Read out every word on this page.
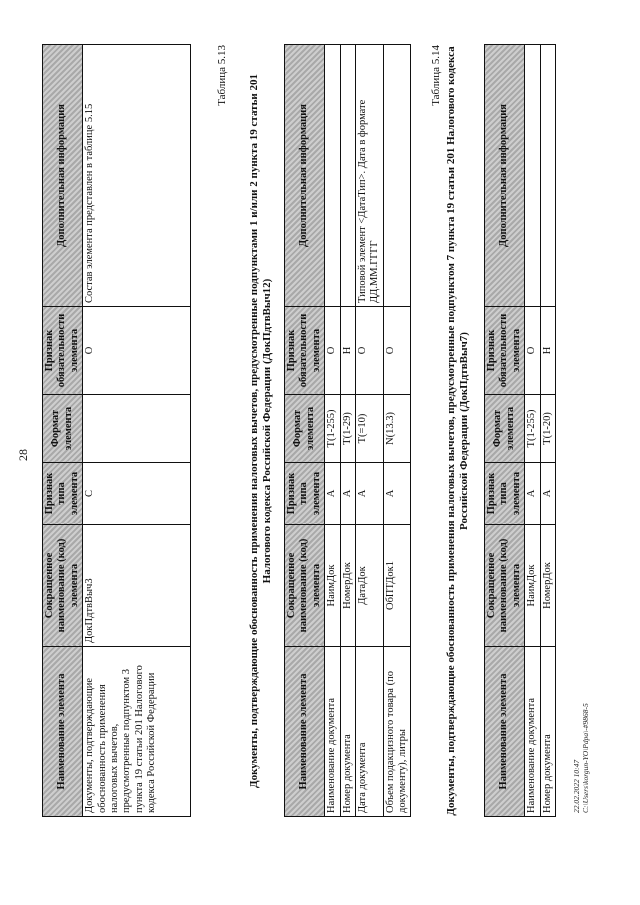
28
Наименование элемента	Сокращенное наименование (код) элемента	Признак типа элемента	Формат элемента	Признак обязательности элемента	Дополнительная информация
Документы, подтверждающие обоснованность применения налоговых вычетов, предусмотренные подпунктом 3 пункта 19 статьи 201 Налогового кодекса Российской Федерации	ДокПдтвВыч3	С		О	Состав элемента представлен в таблице 5.15
Таблица 5.13 Документы, подтверждающие обоснованность применения налоговых вычетов, предусмотренные подпунктами 1 и/или 2 пункта 19 статьи 201 Налогового кодекса Российской Федерации (ДокПдтвВыч12)
Наименование элемента	Сокращенное наименование (код) элемента	Признак типа элемента	Формат элемента	Признак обязательности элемента	Дополнительная информация
Наименование документа	НаимДок	А	T(1-255)	О	
Номер документа	НомерДок	А	T(1-29)	Н	
Дата документа	ДатаДок	А	T(=10)	О	Типовой элемент <ДатаТип>. Дата в формате ДД.ММ.ГГГГ
Объем подакцизного товара (по документу), литры	ОбПТДок1	А	N(13.3)	О	
Таблица 5.14 Документы, подтверждающие обоснованность применения налоговых вычетов, предусмотренные подпунктом 7 пункта 19 статьи 201 Налогового кодекса Российской Федерации (ДокПдтвВыч7)
Наименование элемента	Сокращенное наименование (код) элемента	Признак типа элемента	Формат элемента	Признак обязательности элемента	Дополнительная информация
Наименование документа	НаимДок	А	T(1-255)	О	
Номер документа	НомерДок	А	T(1-20)	Н	
22.02.2022 10:47 С:\Users\korgun-YO\Pdpa\-#9868-5
